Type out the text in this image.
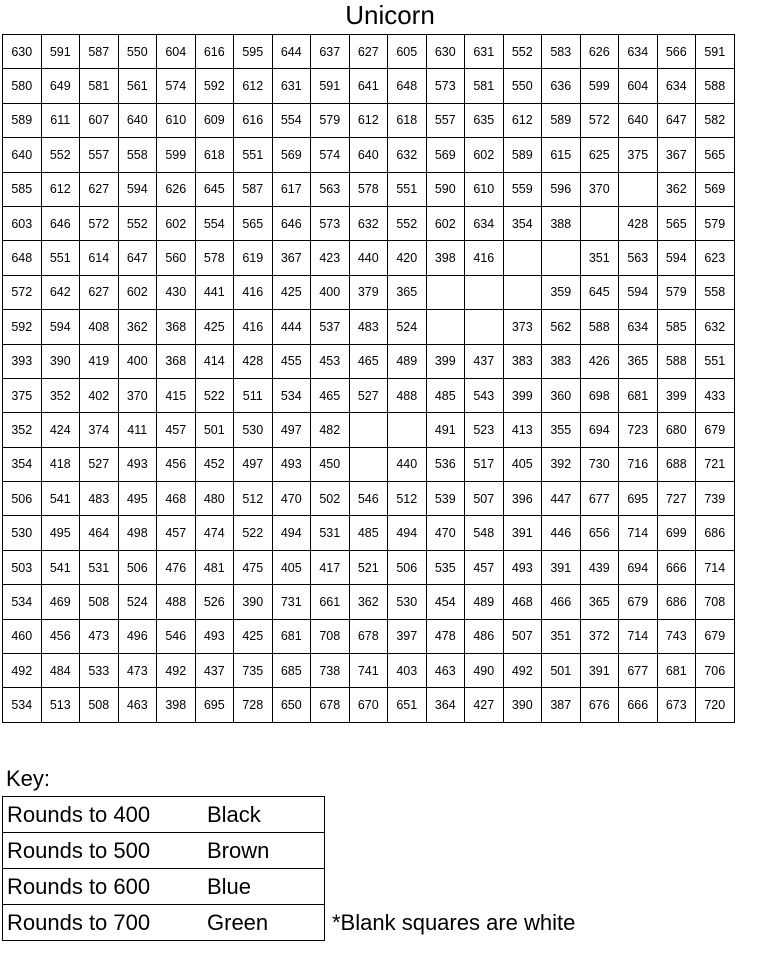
Unicorn
630	591	587	550	604	616	595	644	637	627	605	630	631	552	583	626	634	566	591
580	649	581	561	574	592	612	631	591	641	648	573	581	550	636	599	604	634	588
589	611	607	640	610	609	616	554	579	612	618	557	635	612	589	572	640	647	582
640	552	557	558	599	618	551	569	574	640	632	569	602	589	615	625	375	367	565
585	612	627	594	626	645	587	617	563	578	551	590	610	559	596	370		362	569
603	646	572	552	602	554	565	646	573	632	552	602	634	354	388		428	565	579
648	551	614	647	560	578	619	367	423	440	420	398	416			351	563	594	623
572	642	627	602	430	441	416	425	400	379	365				359	645	594	579	558
592	594	408	362	368	425	416	444	537	483	524			373	562	588	634	585	632
393	390	419	400	368	414	428	455	453	465	489	399	437	383	383	426	365	588	551
375	352	402	370	415	522	511	534	465	527	488	485	543	399	360	698	681	399	433
352	424	374	411	457	501	530	497	482			491	523	413	355	694	723	680	679
354	418	527	493	456	452	497	493	450		440	536	517	405	392	730	716	688	721
506	541	483	495	468	480	512	470	502	546	512	539	507	396	447	677	695	727	739
530	495	464	498	457	474	522	494	531	485	494	470	548	391	446	656	714	699	686
503	541	531	506	476	481	475	405	417	521	506	535	457	493	391	439	694	666	714
534	469	508	524	488	526	390	731	661	362	530	454	489	468	466	365	679	686	708
460	456	473	496	546	493	425	681	708	678	397	478	486	507	351	372	714	743	679
492	484	533	473	492	437	735	685	738	741	403	463	490	492	501	391	677	681	706
534	513	508	463	398	695	728	650	678	670	651	364	427	390	387	676	666	673	720
Key:
Rounds to 400	Black
Rounds to 500	Brown
Rounds to 600	Blue
Rounds to 700	Green	*Blank squares are white
